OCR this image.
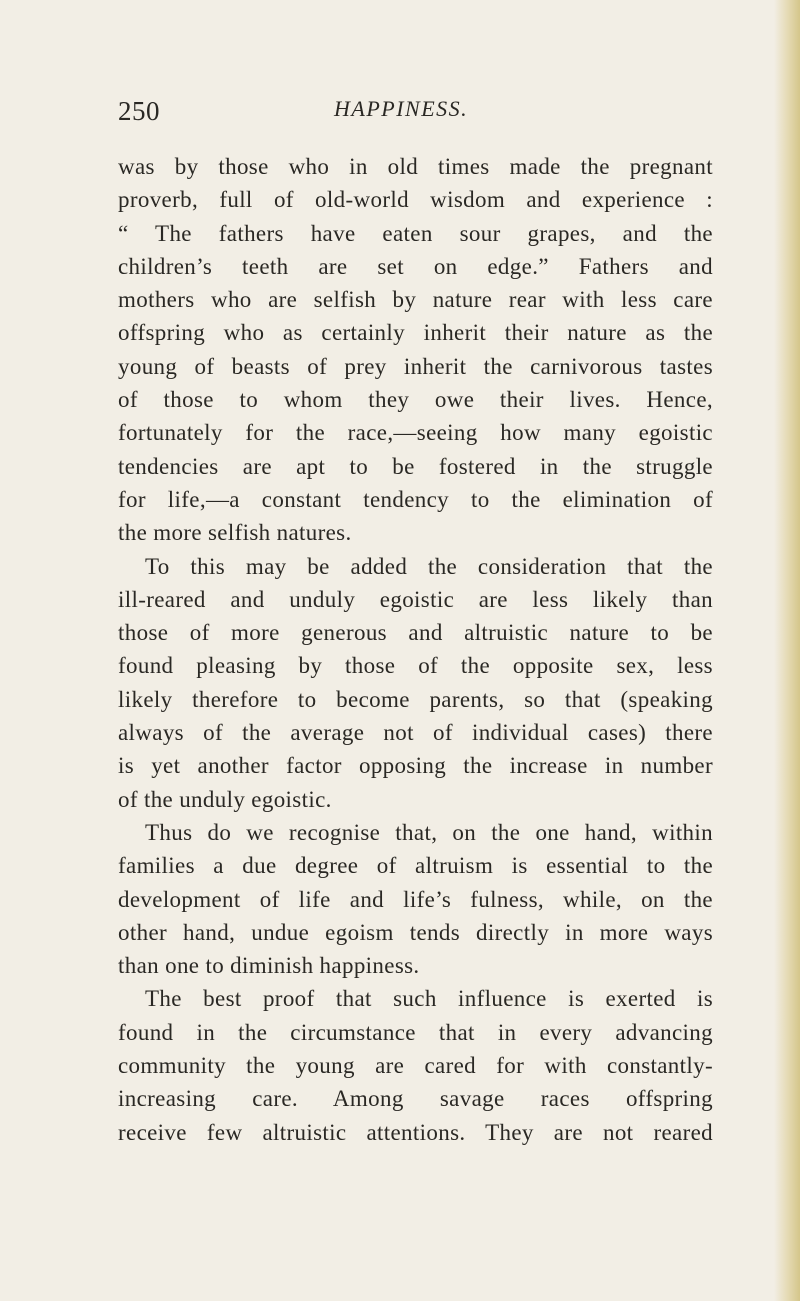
250	HAPPINESS.
was by those who in old times made the pregnant
proverb, full of old-world wisdom and experience :
“ The fathers have eaten sour grapes, and the
children’s teeth are set on edge.” Fathers and
mothers who are selfish by nature rear with less care
offspring who as certainly inherit their nature as the
young of beasts of prey inherit the carnivorous tastes
of those to whom they owe their lives. Hence,
fortunately for the race,—seeing how many egoistic
tendencies are apt to be fostered in the struggle
for life,—a constant tendency to the elimination of
the more selfish natures.
To this may be added the consideration that the
ill-reared and unduly egoistic are less likely than
those of more generous and altruistic nature to be
found pleasing by those of the opposite sex, less
likely therefore to become parents, so that (speaking
always of the average not of individual cases) there
is yet another factor opposing the increase in number
of the unduly egoistic.
Thus do we recognise that, on the one hand, within
families a due degree of altruism is essential to the
development of life and life’s fulness, while, on the
other hand, undue egoism tends directly in more ways
than one to diminish happiness.
The best proof that such influence is exerted is
found in the circumstance that in every advancing
community the young are cared for with constantly-
increasing care. Among savage races offspring
receive few altruistic attentions. They are not reared
